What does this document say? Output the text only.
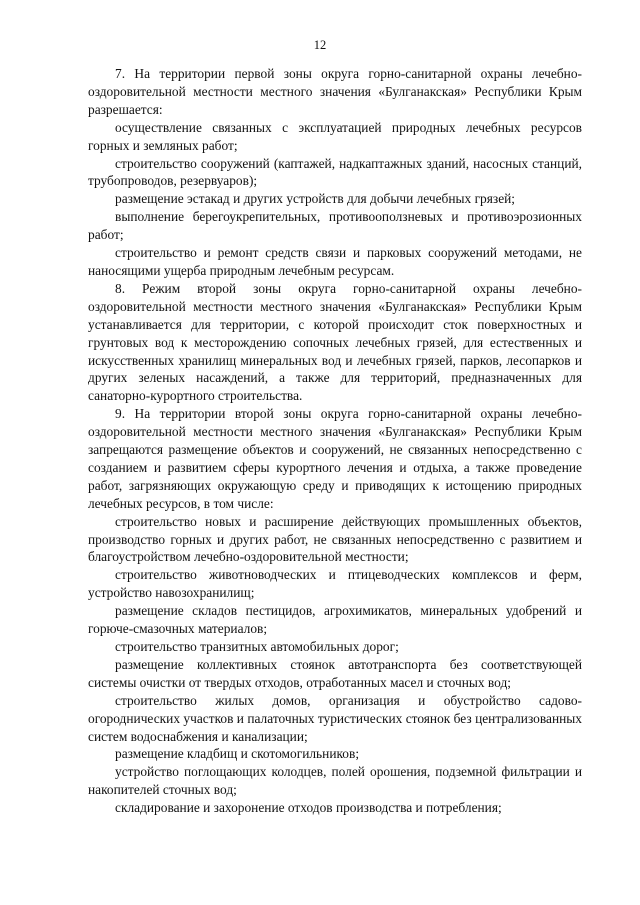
12

7. На территории первой зоны округа горно-санитарной охраны лечебно-оздоровительной местности местного значения «Булганакская» Республики Крым разрешается:

осуществление связанных с эксплуатацией природных лечебных ресурсов горных и земляных работ;

строительство сооружений (каптажей, надкаптажных зданий, насосных станций, трубопроводов, резервуаров);

размещение эстакад и других устройств для добычи лечебных грязей;

выполнение берегоукрепительных, противооползневых и противоэрозионных работ;

строительство и ремонт средств связи и парковых сооружений методами, не наносящими ущерба природным лечебным ресурсам.

8. Режим второй зоны округа горно-санитарной охраны лечебно-оздоровительной местности местного значения «Булганакская» Республики Крым устанавливается для территории, с которой происходит сток поверхностных и грунтовых вод к месторождению сопочных лечебных грязей, для естественных и искусственных хранилищ минеральных вод и лечебных грязей, парков, лесопарков и других зеленых насаждений, а также для территорий, предназначенных для санаторно-курортного строительства.

9. На территории второй зоны округа горно-санитарной охраны лечебно-оздоровительной местности местного значения «Булганакская» Республики Крым запрещаются размещение объектов и сооружений, не связанных непосредственно с созданием и развитием сферы курортного лечения и отдыха, а также проведение работ, загрязняющих окружающую среду и приводящих к истощению природных лечебных ресурсов, в том числе:

строительство новых и расширение действующих промышленных объектов, производство горных и других работ, не связанных непосредственно с развитием и благоустройством лечебно-оздоровительной местности;

строительство животноводческих и птицеводческих комплексов и ферм, устройство навозохранилищ;

размещение складов пестицидов, агрохимикатов, минеральных удобрений и горюче-смазочных материалов;

строительство транзитных автомобильных дорог;

размещение коллективных стоянок автотранспорта без соответствующей системы очистки от твердых отходов, отработанных масел и сточных вод;

строительство жилых домов, организация и обустройство садово-огороднических участков и палаточных туристических стоянок без централизованных систем водоснабжения и канализации;

размещение кладбищ и скотомогильников;

устройство поглощающих колодцев, полей орошения, подземной фильтрации и накопителей сточных вод;

складирование и захоронение отходов производства и потребления;
